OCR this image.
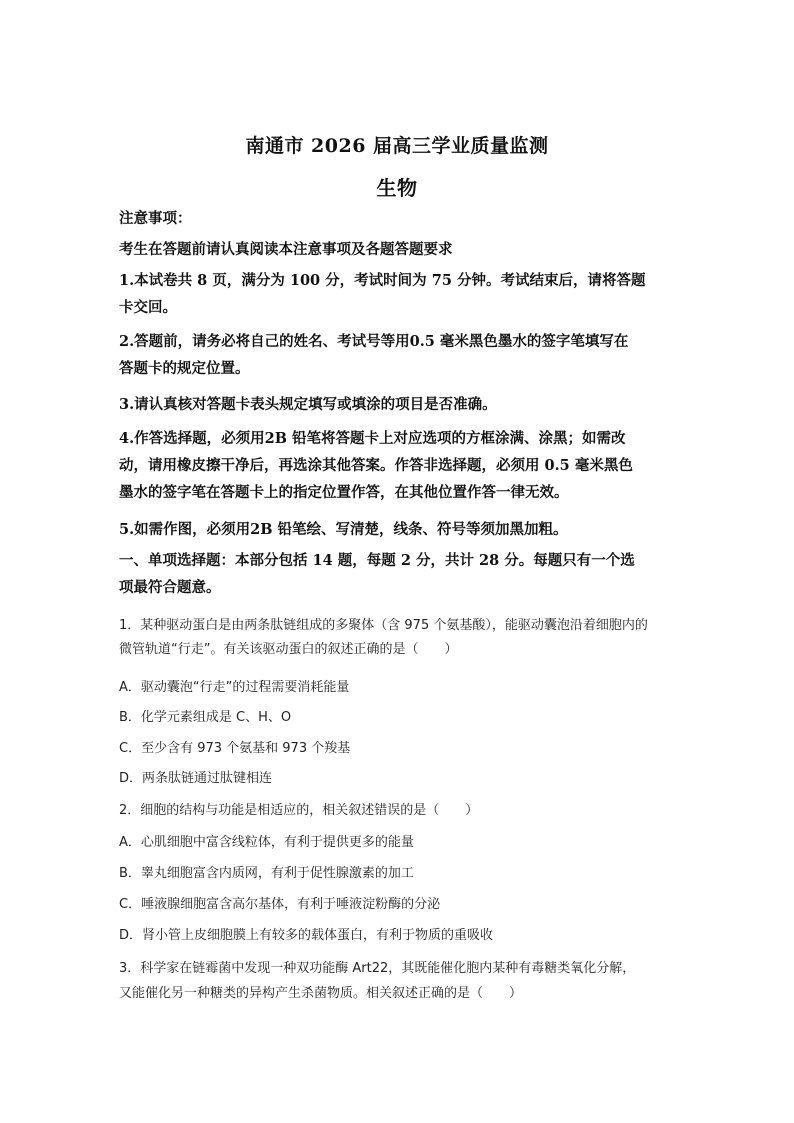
南通市 2026 届高三学业质量监测
生物
注意事项：
考生在答题前请认真阅读本注意事项及各题答题要求
1.本试卷共 8 页，满分为 100 分，考试时间为 75 分钟。考试结束后，请将答题
卡交回。
2.答题前，请务必将自己的姓名、考试号等用0.5 毫米黑色墨水的签字笔填写在
答题卡的规定位置。
3.请认真核对答题卡表头规定填写或填涂的项目是否准确。
4.作答选择题，必须用2B 铅笔将答题卡上对应选项的方框涂满、涂黑；如需改
动，请用橡皮擦干净后，再选涂其他答案。作答非选择题，必须用 0.5 毫米黑色
墨水的签字笔在答题卡上的指定位置作答，在其他位置作答一律无效。
5.如需作图，必须用2B 铅笔绘、写清楚，线条、符号等须加黑加粗。
一、单项选择题：本部分包括 14 题，每题 2 分，共计 28 分。每题只有一个选
项最符合题意。
1．某种驱动蛋白是由两条肽链组成的多聚体（含 975 个氨基酸），能驱动囊泡沿着细胞内的
微管轨道“行走”。有关该驱动蛋白的叙述正确的是（　　）
A．驱动囊泡“行走”的过程需要消耗能量
B．化学元素组成是 C、H、O
C．至少含有 973 个氨基和 973 个羧基
D．两条肽链通过肽键相连
2．细胞的结构与功能是相适应的，相关叙述错误的是（　　）
A．心肌细胞中富含线粒体，有利于提供更多的能量
B．睾丸细胞富含内质网，有利于促性腺激素的加工
C．唾液腺细胞富含高尔基体，有利于唾液淀粉酶的分泌
D．肾小管上皮细胞膜上有较多的载体蛋白，有利于物质的重吸收
3．科学家在链霉菌中发现一种双功能酶 Art22，其既能催化胞内某种有毒糖类氧化分解，
又能催化另一种糖类的异构产生杀菌物质。相关叙述正确的是（　　）
